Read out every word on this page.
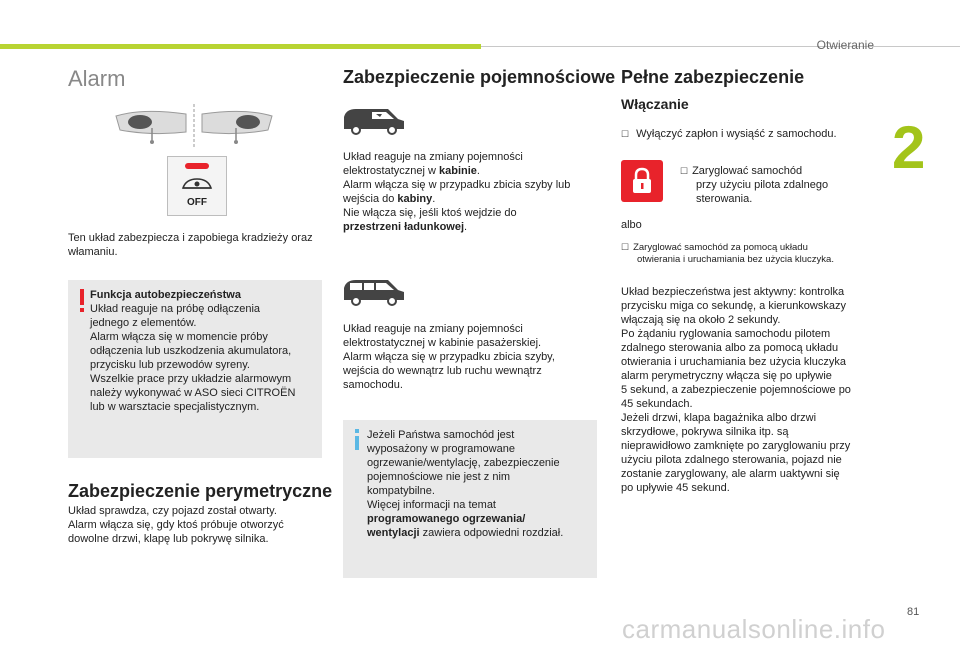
Otwieranie
2
81
Alarm
OFF
Ten układ zabezpiecza i zapobiega kradzieży oraz włamaniu.
Funkcja autobezpieczeństwa
Układ reaguje na próbę odłączenia
jednego z elementów.
Alarm włącza się w momencie próby
odłączenia lub uszkodzenia akumulatora,
przycisku lub przewodów syreny.
Wszelkie prace przy układzie alarmowym
należy wykonywać w ASO sieci CITROËN
lub w warsztacie specjalistycznym.
Zabezpieczenie perymetryczne
Układ sprawdza, czy pojazd został otwarty.
Alarm włącza się, gdy ktoś próbuje otworzyć
dowolne drzwi, klapę lub pokrywę silnika.
Zabezpieczenie pojemnościowe
Układ reaguje na zmiany pojemności
elektrostatycznej w kabinie.
Alarm włącza się w przypadku zbicia szyby lub
wejścia do kabiny.
Nie włącza się, jeśli ktoś wejdzie do
przestrzeni ładunkowej.
Układ reaguje na zmiany pojemności
elektrostatycznej w kabinie pasażerskiej.
Alarm włącza się w przypadku zbicia szyby,
wejścia do wewnątrz lub ruchu wewnątrz
samochodu.
Jeżeli Państwa samochód jest
wyposażony w programowane
ogrzewanie/wentylację, zabezpieczenie
pojemnościowe nie jest z nim
kompatybilne.
Więcej informacji na temat
programowanego ogrzewania/
wentylacji zawiera odpowiedni rozdział.
Pełne zabezpieczenie
Włączanie
☐ Wyłączyć zapłon i wysiąść z samochodu.
☐ Zaryglować samochód
przy użyciu pilota zdalnego
sterowania.
albo
☐ Zaryglować samochód za pomocą układu
otwierania i uruchamiania bez użycia kluczyka.
Układ bezpieczeństwa jest aktywny: kontrolka
przycisku miga co sekundę, a kierunkowskazy
włączają się na około 2 sekundy.
Po żądaniu ryglowania samochodu pilotem
zdalnego sterowania albo za pomocą układu
otwierania i uruchamiania bez użycia kluczyka
alarm perymetryczny włącza się po upływie
5 sekund, a zabezpieczenie pojemnościowe po
45 sekundach.
Jeżeli drzwi, klapa bagażnika albo drzwi
skrzydłowe, pokrywa silnika itp. są
nieprawidłowo zamknięte po zaryglowaniu przy
użyciu pilota zdalnego sterowania, pojazd nie
zostanie zaryglowany, ale alarm uaktywni się
po upływie 45 sekund.
carmanualsonline.info
